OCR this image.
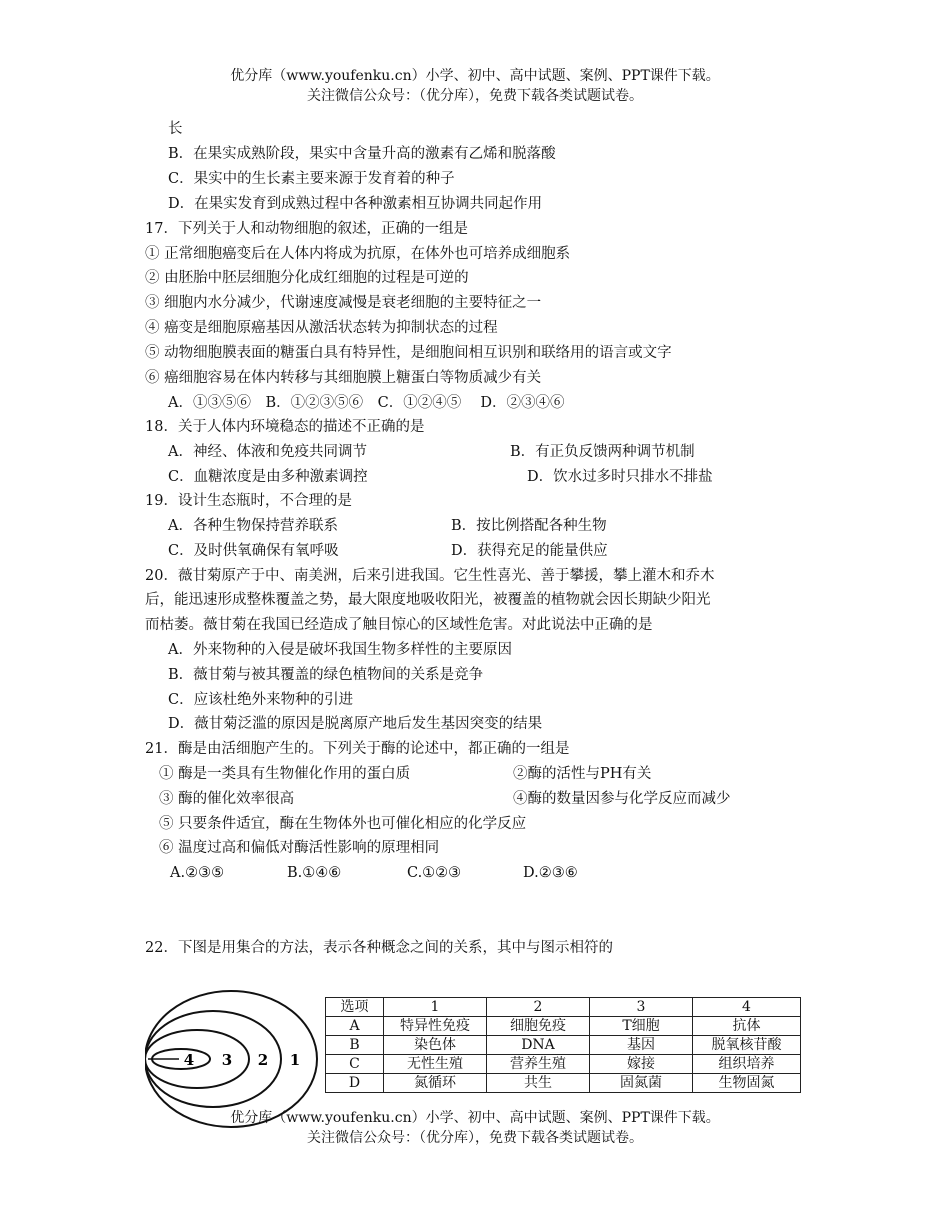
优分库（www.youfenku.cn）小学、初中、高中试题、案例、PPT课件下载。
关注微信公众号：（优分库），免费下载各类试题试卷。
长
B．在果实成熟阶段，果实中含量升高的激素有乙烯和脱落酸
C．果实中的生长素主要来源于发育着的种子
D．在果实发育到成熟过程中各种激素相互协调共同起作用
17．下列关于人和动物细胞的叙述，正确的一组是
① 正常细胞癌变后在人体内将成为抗原，在体外也可培养成细胞系
② 由胚胎中胚层细胞分化成红细胞的过程是可逆的
③ 细胞内水分减少，代谢速度减慢是衰老细胞的主要特征之一
④ 癌变是细胞原癌基因从激活状态转为抑制状态的过程
⑤ 动物细胞膜表面的糖蛋白具有特异性，是细胞间相互识别和联络用的语言或文字
⑥ 癌细胞容易在体内转移与其细胞膜上糖蛋白等物质减少有关
A．①③⑤⑥　B．①②③⑤⑥　C．①②④⑤　 D．②③④⑥
18．关于人体内环境稳态的描述不正确的是
A．神经、体液和免疫共同调节	B．有正负反馈两种调节机制
C．血糖浓度是由多种激素调控	D．饮水过多时只排水不排盐
19．设计生态瓶时，不合理的是
A．各种生物保持营养联系	B．按比例搭配各种生物
C．及时供氧确保有氧呼吸	D．获得充足的能量供应
20．薇甘菊原产于中、南美洲，后来引进我国。它生性喜光、善于攀援，攀上灌木和乔木
后，能迅速形成整株覆盖之势，最大限度地吸收阳光，被覆盖的植物就会因长期缺少阳光
而枯萎。薇甘菊在我国已经造成了触目惊心的区域性危害。对此说法中正确的是
A．外来物种的入侵是破坏我国生物多样性的主要原因
B．薇甘菊与被其覆盖的绿色植物间的关系是竞争
C．应该杜绝外来物种的引进
D．薇甘菊泛滥的原因是脱离原产地后发生基因突变的结果
21．酶是由活细胞产生的。下列关于酶的论述中，都正确的一组是
① 酶是一类具有生物催化作用的蛋白质	②酶的活性与PH有关
③ 酶的催化效率很高	④酶的数量因参与化学反应而减少
⑤ 只要条件适宜，酶在生物体外也可催化相应的化学反应
⑥ 温度过高和偏低对酶活性影响的原理相同
A.②③⑤	B.①④⑥	C.①②③	D.②③⑥
22．下图是用集合的方法，表示各种概念之间的关系，其中与图示相符的
4 3 2 1
选项	1	2	3	4
A	特异性免疫	细胞免疫	T细胞	抗体
B	染色体	DNA	基因	脱氧核苷酸
C	无性生殖	营养生殖	嫁接	组织培养
D	氮循环	共生	固氮菌	生物固氮
优分库（www.youfenku.cn）小学、初中、高中试题、案例、PPT课件下载。
关注微信公众号：（优分库），免费下载各类试题试卷。
